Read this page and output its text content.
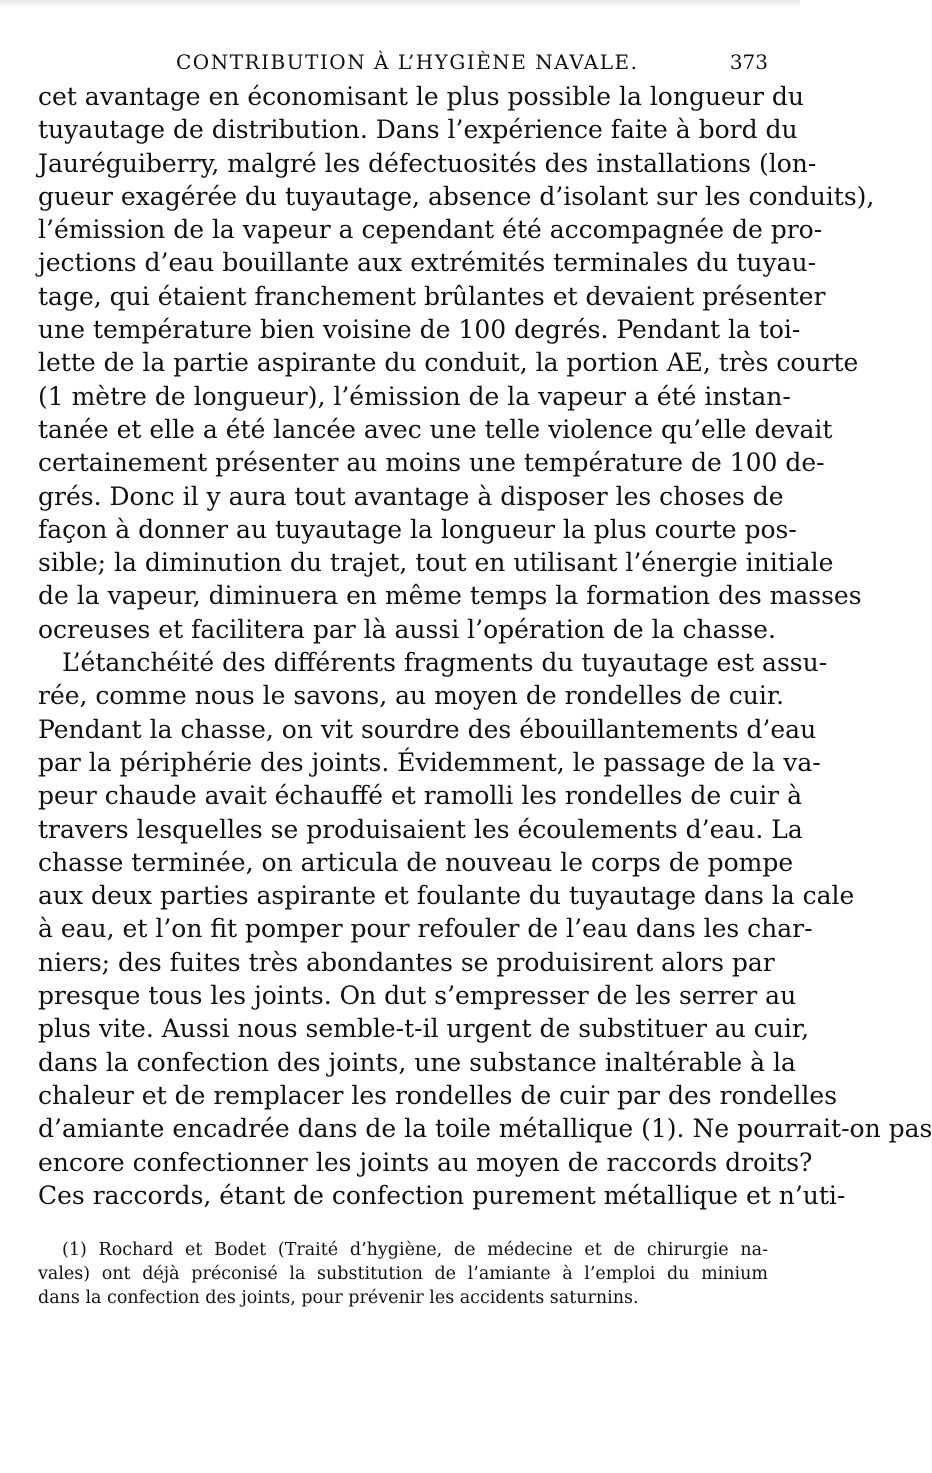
CONTRIBUTION À L’HYGIÈNE NAVALE.	373
cet avantage en économisant le plus possible la longueur du
tuyautage de distribution. Dans l’expérience faite à bord du
Jauréguiberry, malgré les défectuosités des installations (lon-
gueur exagérée du tuyautage, absence d’isolant sur les conduits),
l’émission de la vapeur a cependant été accompagnée de pro-
jections d’eau bouillante aux extrémités terminales du tuyau-
tage, qui étaient franchement brûlantes et devaient présenter
une température bien voisine de 100 degrés. Pendant la toi-
lette de la partie aspirante du conduit, la portion AE, très courte
(1 mètre de longueur), l’émission de la vapeur a été instan-
tanée et elle a été lancée avec une telle violence qu’elle devait
certainement présenter au moins une température de 100 de-
grés. Donc il y aura tout avantage à disposer les choses de
façon à donner au tuyautage la longueur la plus courte pos-
sible; la diminution du trajet, tout en utilisant l’énergie initiale
de la vapeur, diminuera en même temps la formation des masses
ocreuses et facilitera par là aussi l’opération de la chasse.
L’étanchéité des différents fragments du tuyautage est assu-
rée, comme nous le savons, au moyen de rondelles de cuir.
Pendant la chasse, on vit sourdre des ébouillantements d’eau
par la périphérie des joints. Évidemment, le passage de la va-
peur chaude avait échauffé et ramolli les rondelles de cuir à
travers lesquelles se produisaient les écoulements d’eau. La
chasse terminée, on articula de nouveau le corps de pompe
aux deux parties aspirante et foulante du tuyautage dans la cale
à eau, et l’on fit pomper pour refouler de l’eau dans les char-
niers; des fuites très abondantes se produisirent alors par
presque tous les joints. On dut s’empresser de les serrer au
plus vite. Aussi nous semble-t-il urgent de substituer au cuir,
dans la confection des joints, une substance inaltérable à la
chaleur et de remplacer les rondelles de cuir par des rondelles
d’amiante encadrée dans de la toile métallique (1). Ne pourrait-on pas
encore confectionner les joints au moyen de raccords droits?
Ces raccords, étant de confection purement métallique et n’uti-
(1) Rochard et Bodet (Traité d’hygiène, de médecine et de chirurgie na-
vales) ont déjà préconisé la substitution de l’amiante à l’emploi du minium
dans la confection des joints, pour prévenir les accidents saturnins.
